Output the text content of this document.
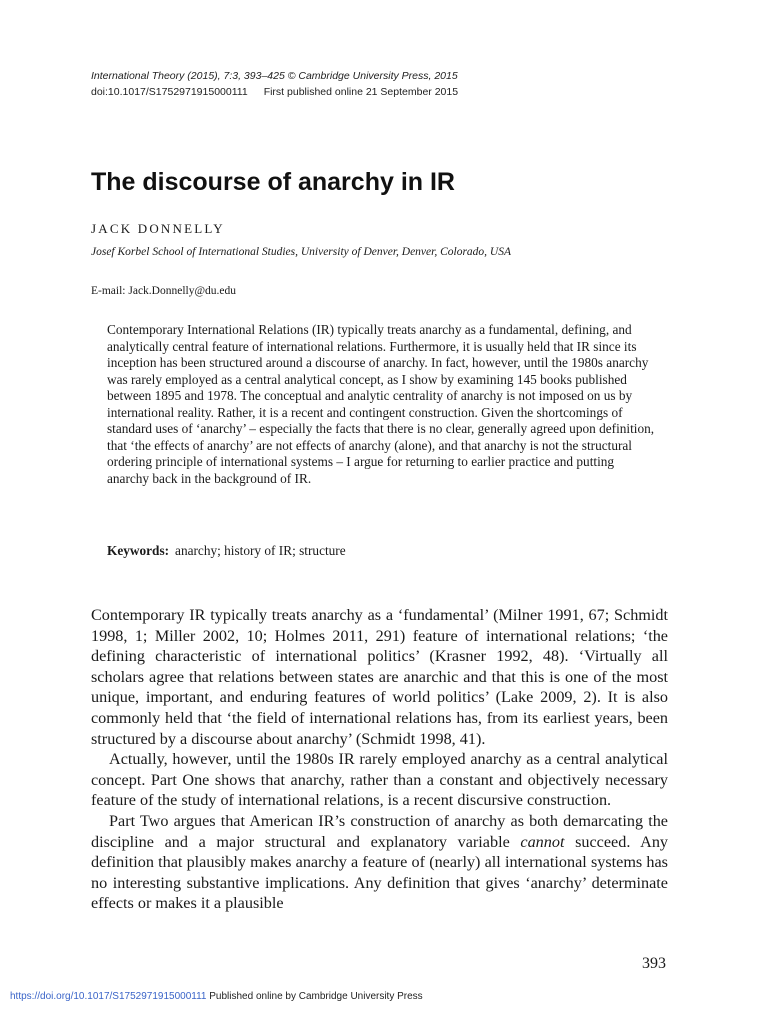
International Theory (2015), 7:3, 393–425 © Cambridge University Press, 2015
doi:10.1017/S1752971915000111 First published online 21 September 2015
The discourse of anarchy in IR
JACK DONNELLY
Josef Korbel School of International Studies, University of Denver, Denver, Colorado, USA
E-mail: Jack.Donnelly@du.edu

Contemporary International Relations (IR) typically treats anarchy as a fundamental, defining, and analytically central feature of international relations. Furthermore, it is usually held that IR since its inception has been structured around a discourse of anarchy. In fact, however, until the 1980s anarchy was rarely employed as a central analytical concept, as I show by examining 145 books published between 1895 and 1978. The conceptual and analytic centrality of anarchy is not imposed on us by international reality. Rather, it is a recent and contingent construction. Given the shortcomings of standard uses of ‘anarchy’ – especially the facts that there is no clear, generally agreed upon definition, that ‘the effects of anarchy’ are not effects of anarchy (alone), and that anarchy is not the structural ordering principle of international systems – I argue for returning to earlier practice and putting anarchy back in the background of IR.

Keywords: anarchy; history of IR; structure

Contemporary IR typically treats anarchy as a ‘fundamental’ (Milner 1991, 67; Schmidt 1998, 1; Miller 2002, 10; Holmes 2011, 291) feature of international relations; ‘the defining characteristic of international politics’ (Krasner 1992, 48). ‘Virtually all scholars agree that relations between states are anarchic and that this is one of the most unique, important, and enduring features of world politics’ (Lake 2009, 2). It is also commonly held that ‘the field of international relations has, from its earliest years, been structured by a discourse about anarchy’ (Schmidt 1998, 41).

Actually, however, until the 1980s IR rarely employed anarchy as a central analytical concept. Part One shows that anarchy, rather than a constant and objectively necessary feature of the study of international relations, is a recent discursive construction.

Part Two argues that American IR’s construction of anarchy as both demarcating the discipline and a major structural and explanatory variable cannot succeed. Any definition that plausibly makes anarchy a feature of (nearly) all international systems has no interesting substantive implications. Any definition that gives ‘anarchy’ determinate effects or makes it a plausible

393
https://doi.org/10.1017/S1752971915000111 Published online by Cambridge University Press
